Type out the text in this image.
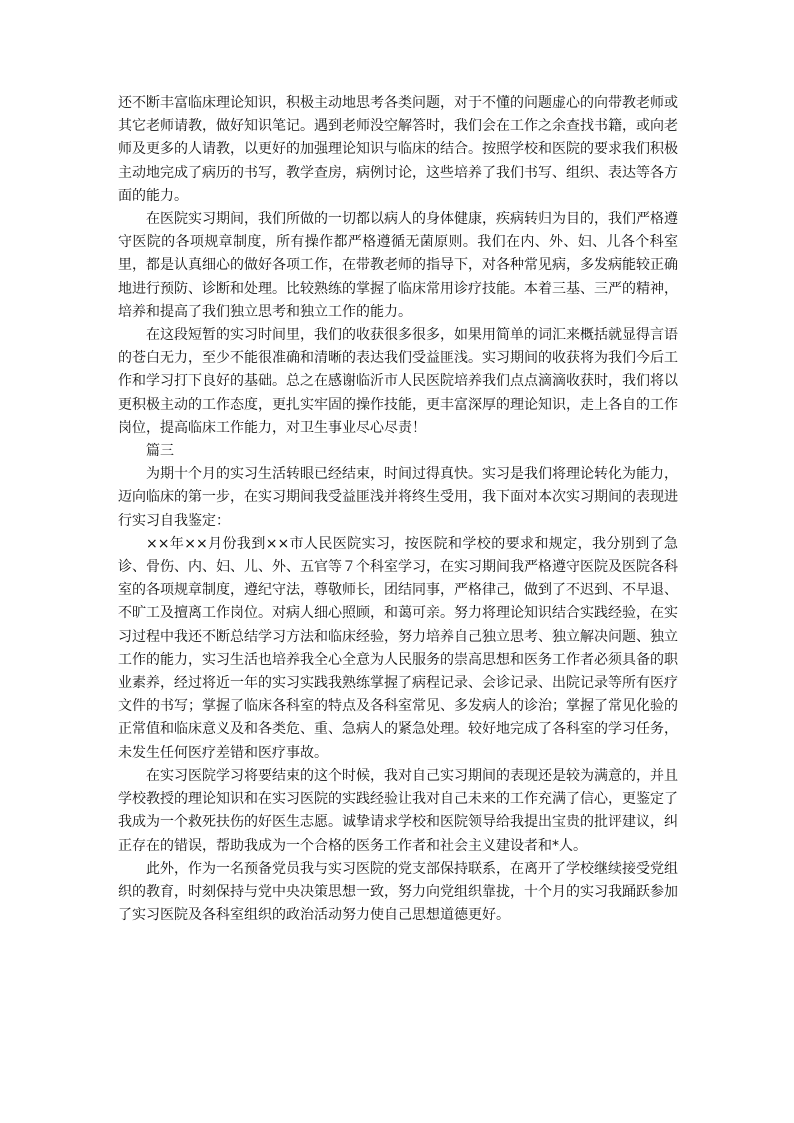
还不断丰富临床理论知识，积极主动地思考各类问题，对于不懂的问题虚心的向带教老师或其它老师请教，做好知识笔记。遇到老师没空解答时，我们会在工作之余查找书籍，或向老师及更多的人请教，以更好的加强理论知识与临床的结合。按照学校和医院的要求我们积极主动地完成了病历的书写，教学查房，病例讨论，这些培养了我们书写、组织、表达等各方面的能力。

在医院实习期间，我们所做的一切都以病人的身体健康，疾病转归为目的，我们严格遵守医院的各项规章制度，所有操作都严格遵循无菌原则。我们在内、外、妇、儿各个科室里，都是认真细心的做好各项工作，在带教老师的指导下，对各种常见病，多发病能较正确地进行预防、诊断和处理。比较熟练的掌握了临床常用诊疗技能。本着三基、三严的精神，培养和提高了我们独立思考和独立工作的能力。

在这段短暂的实习时间里，我们的收获很多很多，如果用简单的词汇来概括就显得言语的苍白无力，至少不能很准确和清晰的表达我们受益匪浅。实习期间的收获将为我们今后工作和学习打下良好的基础。总之在感谢临沂市人民医院培养我们点点滴滴收获时，我们将以更积极主动的工作态度，更扎实牢固的操作技能，更丰富深厚的理论知识，走上各自的工作岗位，提高临床工作能力，对卫生事业尽心尽责！

篇三

为期十个月的实习生活转眼已经结束，时间过得真快。实习是我们将理论转化为能力，迈向临床的第一步，在实习期间我受益匪浅并将终生受用，我下面对本次实习期间的表现进行实习自我鉴定：

××年××月份我到××市人民医院实习，按医院和学校的要求和规定，我分别到了急诊、骨伤、内、妇、儿、外、五官等７个科室学习，在实习期间我严格遵守医院及医院各科室的各项规章制度，遵纪守法，尊敬师长，团结同事，严格律己，做到了不迟到、不早退、不旷工及擅离工作岗位。对病人细心照顾，和蔼可亲。努力将理论知识结合实践经验，在实习过程中我还不断总结学习方法和临床经验，努力培养自己独立思考、独立解决问题、独立工作的能力，实习生活也培养我全心全意为人民服务的崇高思想和医务工作者必须具备的职业素养，经过将近一年的实习实践我熟练掌握了病程记录、会诊记录、出院记录等所有医疗文件的书写；掌握了临床各科室的特点及各科室常见、多发病人的诊治；掌握了常见化验的正常值和临床意义及和各类危、重、急病人的紧急处理。较好地完成了各科室的学习任务，未发生任何医疗差错和医疗事故。

在实习医院学习将要结束的这个时候，我对自己实习期间的表现还是较为满意的，并且学校教授的理论知识和在实习医院的实践经验让我对自己未来的工作充满了信心，更鉴定了我成为一个救死扶伤的好医生志愿。诚挚请求学校和医院领导给我提出宝贵的批评建议，纠正存在的错误，帮助我成为一个合格的医务工作者和社会主义建设者和*人。

此外，作为一名预备党员我与实习医院的党支部保持联系，在离开了学校继续接受党组织的教育，时刻保持与党中央决策思想一致，努力向党组织靠拢，十个月的实习我踊跃参加了实习医院及各科室组织的政治活动努力使自己思想道德更好。
